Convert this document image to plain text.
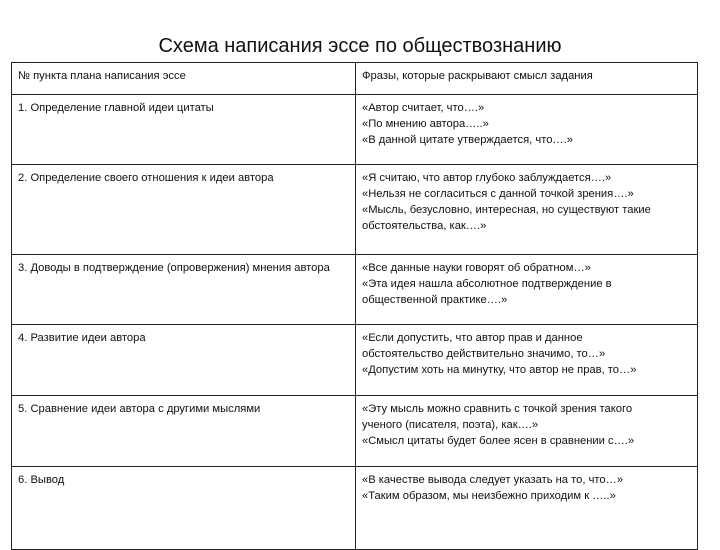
Схема написания эссе по обществознанию
№ пункта плана написания эссе	Фразы, которые раскрывают смысл задания

1. Определение главной идеи цитаты	«Автор считает, что….»
«По мнению автора…..»
«В данной цитате утверждается, что….»

2. Определение своего отношения к идеи автора	«Я считаю, что автор глубоко заблуждается….»
«Нельзя не согласиться с данной точкой зрения….»
«Мысль, безусловно, интересная, но существуют такие
обстоятельства, как….»

3. Доводы в подтверждение (опровержения) мнения автора	«Все данные науки говорят об обратном…»
«Эта идея нашла абсолютное подтверждение в
общественной практике….»

4. Развитие идеи автора	«Если допустить, что автор прав и данное
обстоятельство действительно значимо, то…»
«Допустим хоть на минутку, что автор не прав, то…»

5. Сравнение идеи автора с другими мыслями	«Эту мысль можно сравнить с точкой зрения такого
ученого (писателя, поэта), как….»
«Смысл цитаты будет более ясен в сравнении с….»

6. Вывод	«В качестве вывода следует указать на то, что…»
«Таким образом, мы неизбежно приходим к …..»
